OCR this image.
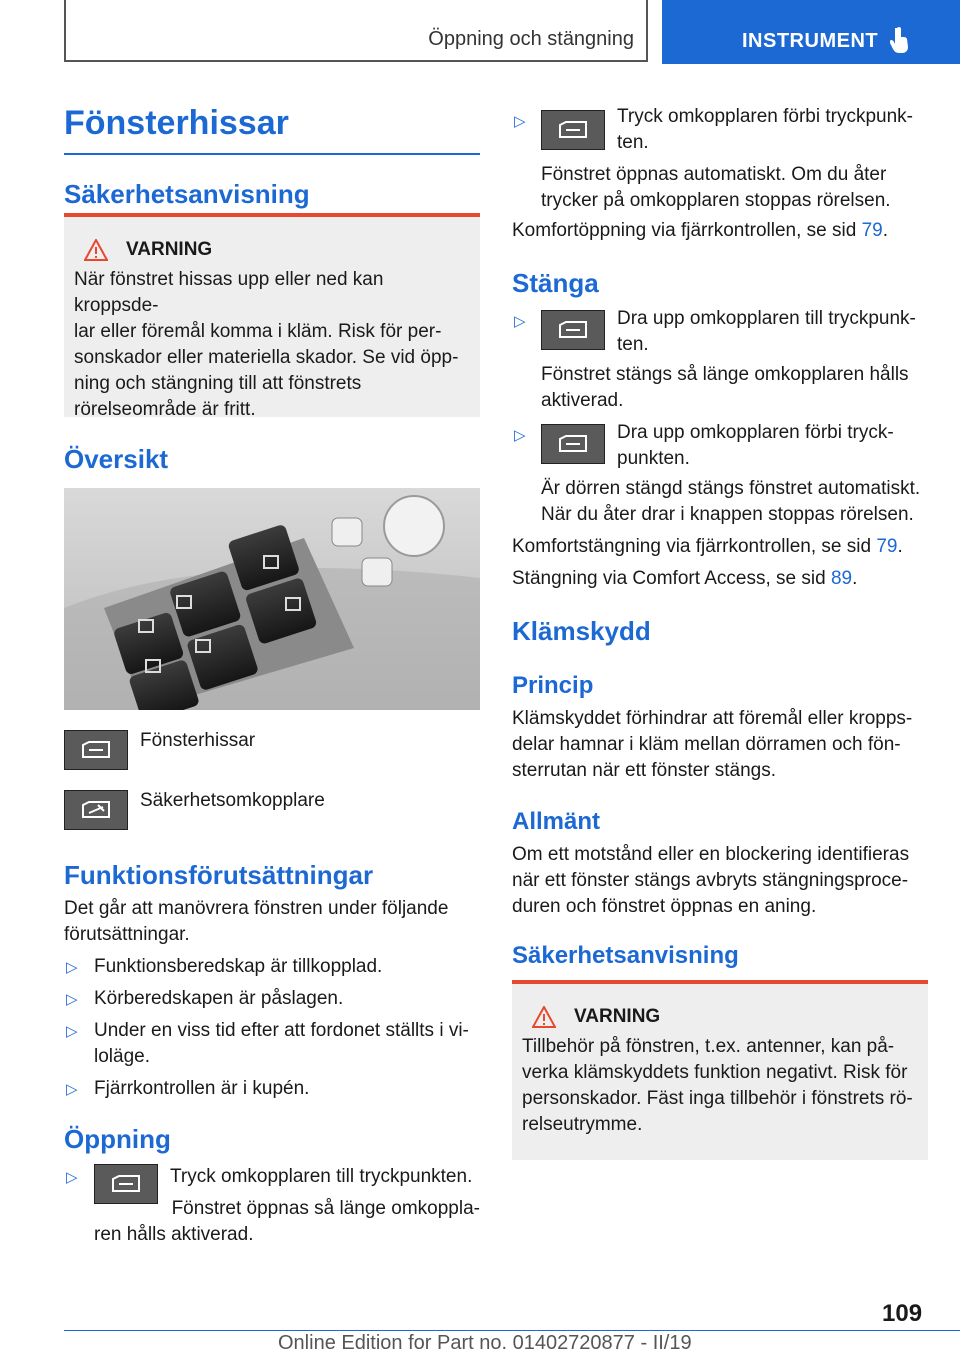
Öppning och stängning	INSTRUMENT
Fönsterhissar
Säkerhetsanvisning
VARNING
När fönstret hissas upp eller ned kan kroppsde-
lar eller föremål komma i kläm. Risk för per-
sonskador eller materiella skador. Se vid öpp-
ning och stängning till att fönstrets
rörelseområde är fritt.
Översikt
Fönsterhissar
Säkerhetsomkopplare
Funktionsförutsättningar
Det går att manövrera fönstren under följande
förutsättningar.
▷ Funktionsberedskap är tillkopplad.
▷ Körberedskapen är påslagen.
▷ Under en viss tid efter att fordonet ställts i vi-
loläge.
▷ Fjärrkontrollen är i kupén.
Öppning
▷	Tryck omkopplaren till tryckpunkten.
Fönstret öppnas så länge omkoppla-
ren hålls aktiverad.
▷	Tryck omkopplaren förbi tryckpunk-
ten.
Fönstret öppnas automatiskt. Om du åter
trycker på omkopplaren stoppas rörelsen.
Komfortöppning via fjärrkontrollen, se sid 79.
Stänga
▷	Dra upp omkopplaren till tryckpunk-
ten.
Fönstret stängs så länge omkopplaren hålls
aktiverad.
▷	Dra upp omkopplaren förbi tryck-
punkten.
Är dörren stängd stängs fönstret automatiskt.
När du åter drar i knappen stoppas rörelsen.
Komfortstängning via fjärrkontrollen, se sid 79.
Stängning via Comfort Access, se sid 89.
Klämskydd
Princip
Klämskyddet förhindrar att föremål eller kropps-
delar hamnar i kläm mellan dörramen och fön-
sterrutan när ett fönster stängs.
Allmänt
Om ett motstånd eller en blockering identifieras
när ett fönster stängs avbryts stängningsproce-
duren och fönstret öppnas en aning.
Säkerhetsanvisning
VARNING
Tillbehör på fönstren, t.ex. antenner, kan på-
verka klämskyddets funktion negativt. Risk för
personskador. Fäst inga tillbehör i fönstrets rö-
relseutrymme.
109
Online Edition for Part no. 01402720877 - II/19
